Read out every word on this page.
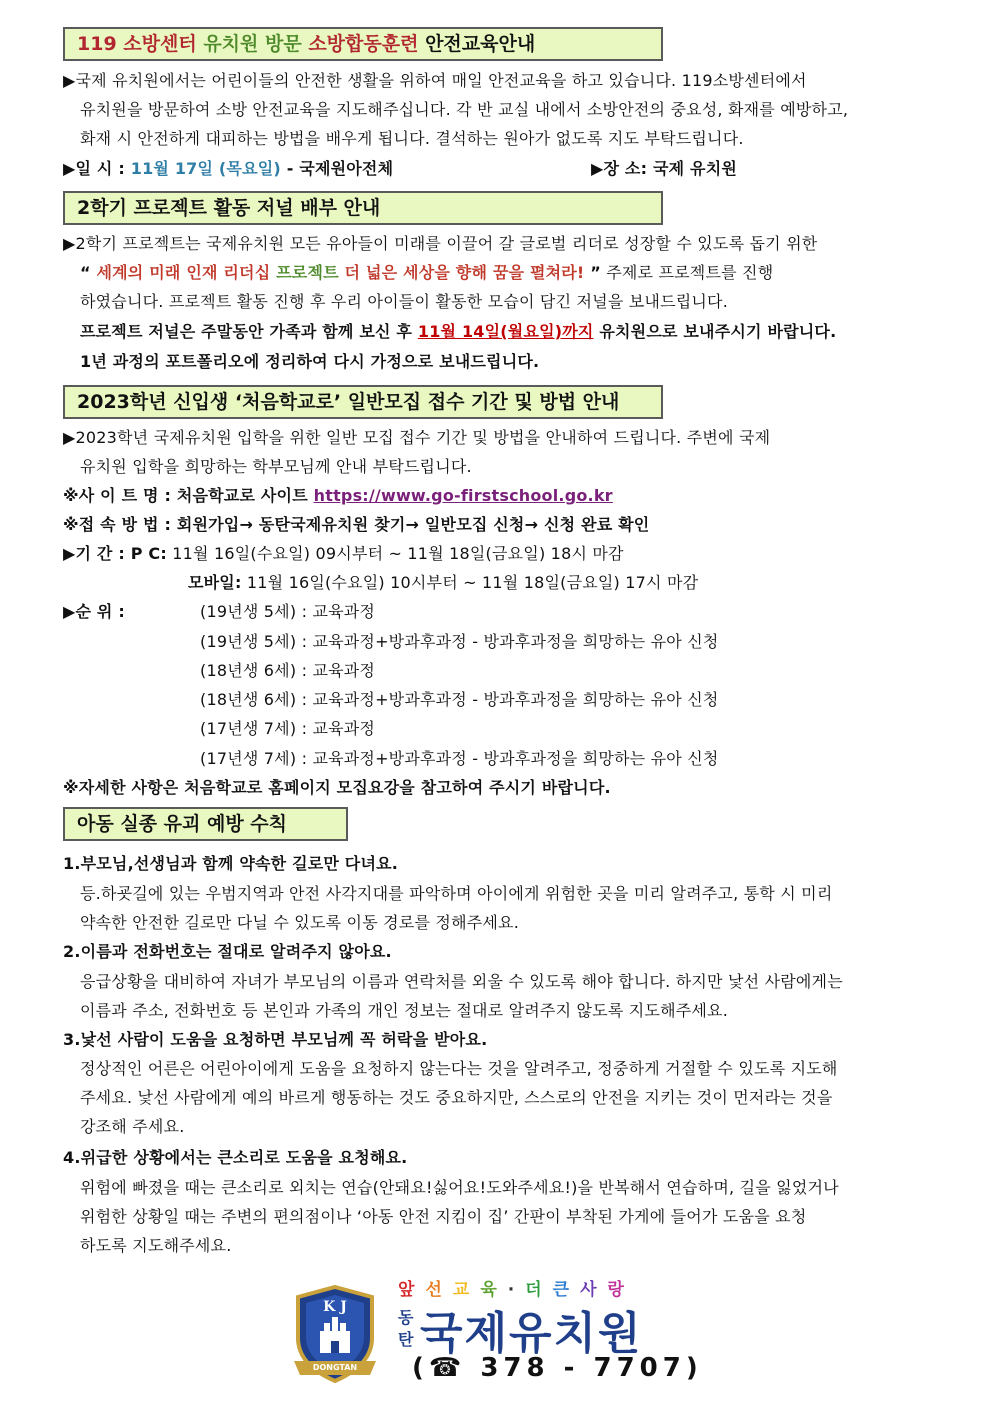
119 소방센터 유치원 방문 소방합동훈련 안전교육안내
▶국제 유치원에서는 어린이들의 안전한 생활을 위하여 매일 안전교육을 하고 있습니다. 119소방센터에서
유치원을 방문하여 소방 안전교육을 지도해주십니다. 각 반 교실 내에서 소방안전의 중요성, 화재를 예방하고,
화재 시 안전하게 대피하는 방법을 배우게 됩니다. 결석하는 원아가 없도록 지도 부탁드립니다.
▶일 시 : 11월 17일 (목요일) - 국제원아전체	▶장 소: 국제 유치원
2학기 프로젝트 활동 저널 배부 안내
▶2학기 프로젝트는 국제유치원 모든 유아들이 미래를 이끌어 갈 글로벌 리더로 성장할 수 있도록 돕기 위한
“ 세계의 미래 인재 리더십 프로젝트 더 넓은 세상을 향해 꿈을 펼쳐라! ” 주제로 프로젝트를 진행
하였습니다. 프로젝트 활동 진행 후 우리 아이들이 활동한 모습이 담긴 저널을 보내드립니다.
프로젝트 저널은 주말동안 가족과 함께 보신 후 11월 14일(월요일)까지 유치원으로 보내주시기 바랍니다.
1년 과정의 포트폴리오에 정리하여 다시 가정으로 보내드립니다.
2023학년 신입생 ‘처음학교로’ 일반모집 접수 기간 및 방법 안내
▶2023학년 국제유치원 입학을 위한 일반 모집 접수 기간 및 방법을 안내하여 드립니다. 주변에 국제
유치원 입학을 희망하는 학부모님께 안내 부탁드립니다.
※사 이 트 명 : 처음학교로 사이트 https://www.go-firstschool.go.kr
※접 속 방 법 : 회원가입→ 동탄국제유치원 찾기→ 일반모집 신청→ 신청 완료 확인
▶기 간 : P C: 11월 16일(수요일) 09시부터 ~ 11월 18일(금요일) 18시 마감
모바일: 11월 16일(수요일) 10시부터 ~ 11월 18일(금요일) 17시 마감
▶순 위 :	(19년생 5세) : 교육과정
(19년생 5세) : 교육과정+방과후과정 - 방과후과정을 희망하는 유아 신청
(18년생 6세) : 교육과정
(18년생 6세) : 교육과정+방과후과정 - 방과후과정을 희망하는 유아 신청
(17년생 7세) : 교육과정
(17년생 7세) : 교육과정+방과후과정 - 방과후과정을 희망하는 유아 신청
※자세한 사항은 처음학교로 홈페이지 모집요강을 참고하여 주시기 바랍니다.
아동 실종 유괴 예방 수칙
1.부모님,선생님과 함께 약속한 길로만 다녀요.
등.하굣길에 있는 우범지역과 안전 사각지대를 파악하며 아이에게 위험한 곳을 미리 알려주고, 통학 시 미리
약속한 안전한 길로만 다닐 수 있도록 이동 경로를 정해주세요.
2.이름과 전화번호는 절대로 알려주지 않아요.
응급상황을 대비하여 자녀가 부모님의 이름과 연락처를 외울 수 있도록 해야 합니다. 하지만 낯선 사람에게는
이름과 주소, 전화번호 등 본인과 가족의 개인 정보는 절대로 알려주지 않도록 지도해주세요.
3.낯선 사람이 도움을 요청하면 부모님께 꼭 허락을 받아요.
정상적인 어른은 어린아이에게 도움을 요청하지 않는다는 것을 알려주고, 정중하게 거절할 수 있도록 지도해
주세요. 낯선 사람에게 예의 바르게 행동하는 것도 중요하지만, 스스로의 안전을 지키는 것이 먼저라는 것을
강조해 주세요.
4.위급한 상황에서는 큰소리로 도움을 요청해요.
위험에 빠졌을 때는 큰소리로 외치는 연습(안돼요!싫어요!도와주세요!)을 반복해서 연습하며, 길을 잃었거나
위험한 상황일 때는 주변의 편의점이나 ‘아동 안전 지킴이 집’ 간판이 부착된 가게에 들어가 도움을 요청
하도록 지도해주세요.
앞 선 교 육 · 더 큰 사 랑
K J
DONGTAN
동
탄 국제유치원
(☎ 378 - 7707)
